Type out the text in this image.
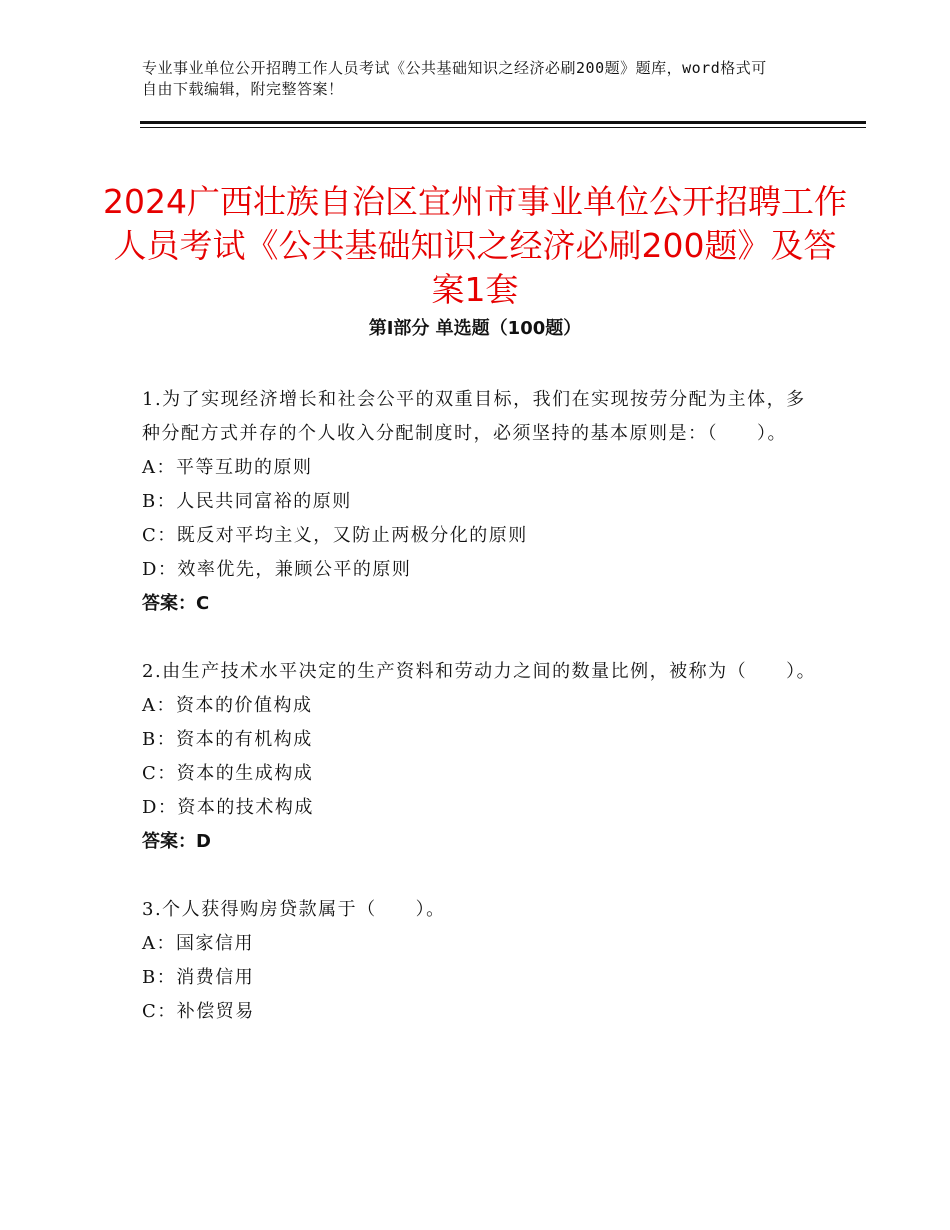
专业事业单位公开招聘工作人员考试《公共基础知识之经济必刷200题》题库，word格式可自由下载编辑，附完整答案！
2024广西壮族自治区宜州市事业单位公开招聘工作人员考试《公共基础知识之经济必刷200题》及答案1套
第Ⅰ部分 单选题（100题）

1.为了实现经济增长和社会公平的双重目标，我们在实现按劳分配为主体，多种分配方式并存的个人收入分配制度时，必须坚持的基本原则是：（　　）。

A：平等互助的原则

B：人民共同富裕的原则

C：既反对平均主义，又防止两极分化的原则

D：效率优先，兼顾公平的原则

答案：C

2.由生产技术水平决定的生产资料和劳动力之间的数量比例，被称为（　　）。

A：资本的价值构成

B：资本的有机构成

C：资本的生成构成

D：资本的技术构成

答案：D

3.个人获得购房贷款属于（　　）。

A：国家信用

B：消费信用

C：补偿贸易
